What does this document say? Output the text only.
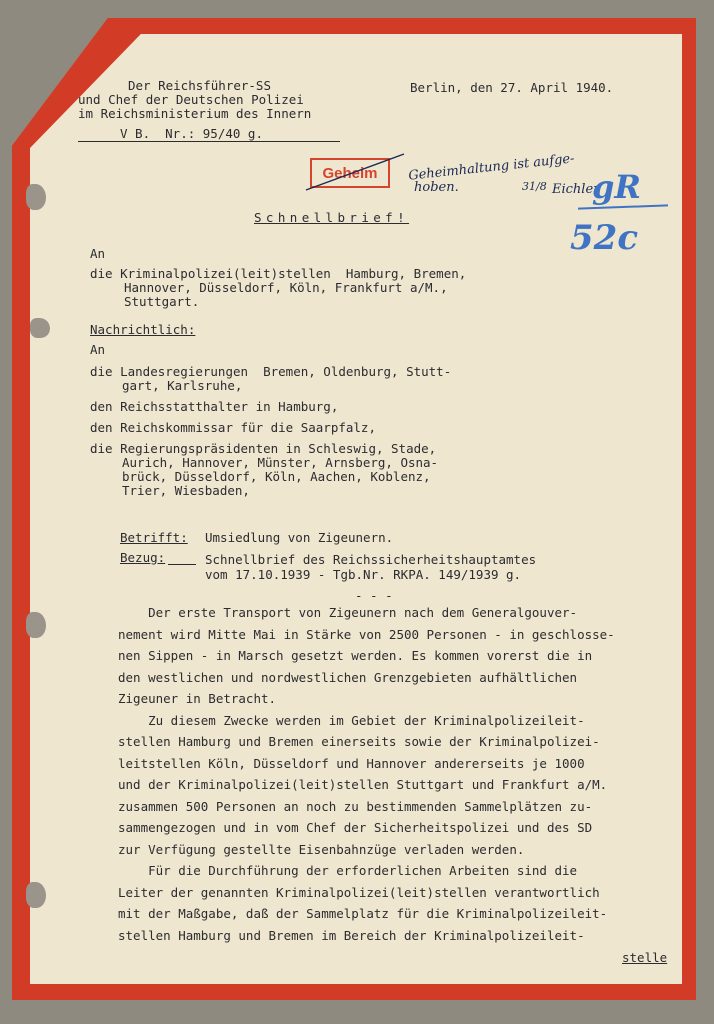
Der Reichsführer-SS
und Chef der Deutschen Polizei
im Reichsministerium des Innern
V B.  Nr.: 95/40 g.
Berlin, den 27. April 1940.
Geheim Geheimhaltung ist aufge-
hoben.	31/8 Eichler
gR
52c
Schnellbrief!
An
die Kriminalpolizei(leit)stellen  Hamburg, Bremen,
Hannover, Düsseldorf, Köln, Frankfurt a/M.,
Stuttgart.
Nachrichtlich:
An
die Landesregierungen  Bremen, Oldenburg, Stutt-
gart, Karlsruhe,
den Reichsstatthalter in Hamburg,
den Reichskommissar für die Saarpfalz,
die Regierungspräsidenten in Schleswig, Stade,
Aurich, Hannover, Münster, Arnsberg, Osna-
brück, Düsseldorf, Köln, Aachen, Koblenz,
Trier, Wiesbaden,
Betrifft: Umsiedlung von Zigeunern.
Bezug:	Schnellbrief des Reichssicherheitshauptamtes
vom 17.10.1939 - Tgb.Nr. RKPA. 149/1939 g.
- - -
Der erste Transport von Zigeunern nach dem Generalgouver-
nement wird Mitte Mai in Stärke von 2500 Personen - in geschlosse-
nen Sippen - in Marsch gesetzt werden. Es kommen vorerst die in
den westlichen und nordwestlichen Grenzgebieten aufhältlichen
Zigeuner in Betracht.
Zu diesem Zwecke werden im Gebiet der Kriminalpolizeileit-
stellen Hamburg und Bremen einerseits sowie der Kriminalpolizei-
leitstellen Köln, Düsseldorf und Hannover andererseits je 1000
und der Kriminalpolizei(leit)stellen Stuttgart und Frankfurt a/M.
zusammen 500 Personen an noch zu bestimmenden Sammelplätzen zu-
sammengezogen und in vom Chef der Sicherheitspolizei und des SD
zur Verfügung gestellte Eisenbahnzüge verladen werden.
Für die Durchführung der erforderlichen Arbeiten sind die
Leiter der genannten Kriminalpolizei(leit)stellen verantwortlich
mit der Maßgabe, daß der Sammelplatz für die Kriminalpolizeileit-
stellen Hamburg und Bremen im Bereich der Kriminalpolizeileit-
stelle
